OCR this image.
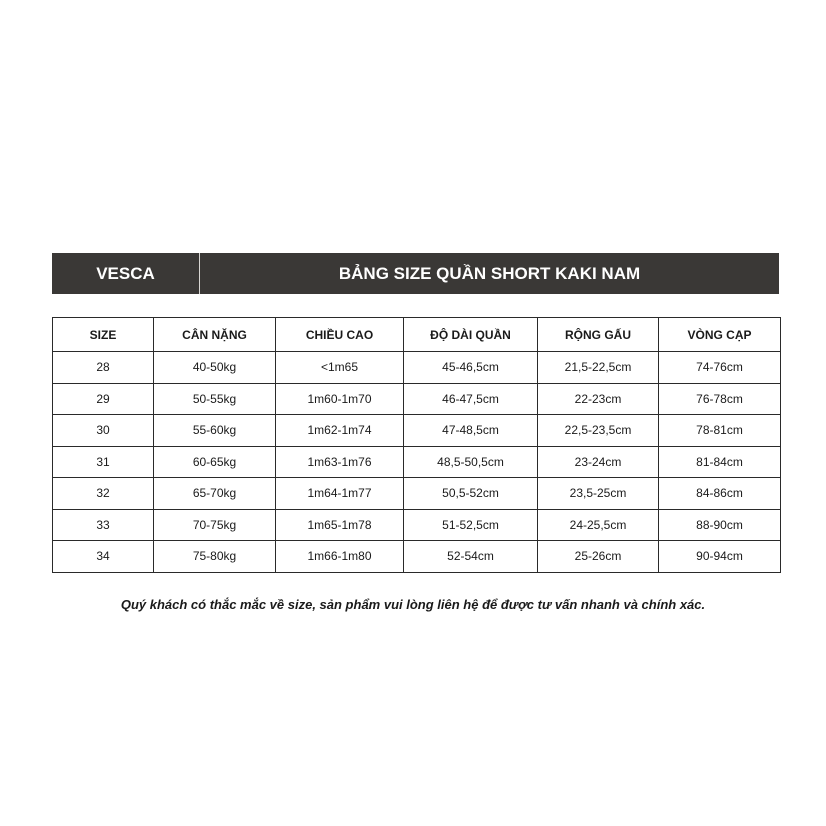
VESCA	BẢNG SIZE QUẦN SHORT KAKI NAM
SIZE	CÂN NẶNG	CHIỀU CAO	ĐỘ DÀI QUẦN	RỘNG GẤU	VÒNG CẠP
28	40-50kg	<1m65	45-46,5cm	21,5-22,5cm	74-76cm
29	50-55kg	1m60-1m70	46-47,5cm	22-23cm	76-78cm
30	55-60kg	1m62-1m74	47-48,5cm	22,5-23,5cm	78-81cm
31	60-65kg	1m63-1m76	48,5-50,5cm	23-24cm	81-84cm
32	65-70kg	1m64-1m77	50,5-52cm	23,5-25cm	84-86cm
33	70-75kg	1m65-1m78	51-52,5cm	24-25,5cm	88-90cm
34	75-80kg	1m66-1m80	52-54cm	25-26cm	90-94cm
Quý khách có thắc mắc về size, sản phẩm vui lòng liên hệ để được tư vấn nhanh và chính xác.
